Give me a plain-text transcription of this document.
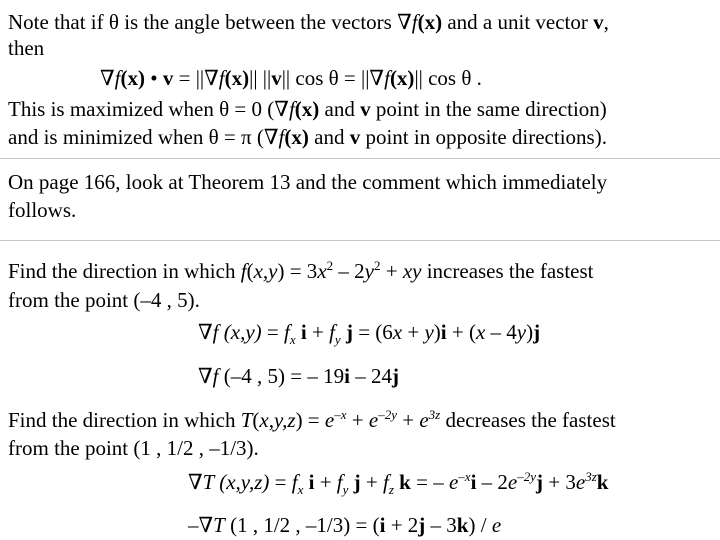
Note that if θ is the angle between the vectors ∇f(x) and a unit vector v,
then
∇f(x) • v = ||∇f(x)|| ||v|| cos θ = ||∇f(x)|| cos θ .
This is maximized when θ = 0 (∇f(x) and v point in the same direction)
and is minimized when θ = π (∇f(x) and v point in opposite directions).
On page 166, look at Theorem 13 and the comment which immediately
follows.
Find the direction in which $f(x,y) = 3x^2 - 2y^2$ + xy increases the fastest
from the point (–4 , 5).
∇f $(x,y) = f_x$ $i + f_y$ j = (6x + y)i + (x – 4y)j
∇f (–4 , 5) = – 19i – 24j
Find the direction in which $T(x,y,z) = e^{-x} + e^{-2y} + e^{3z}$ decreases the fastest
from the point (1 , 1/2 , –1/3).
∇T $(x,y,z) = f_x$ $i + f_y$ $j + f_z$ k = – $e^{-x}i - 2e^{-2y}j + 3e^{3z}k$
–∇T (1 , 1/2 , –1/3) = (i + 2j – 3k) / e
